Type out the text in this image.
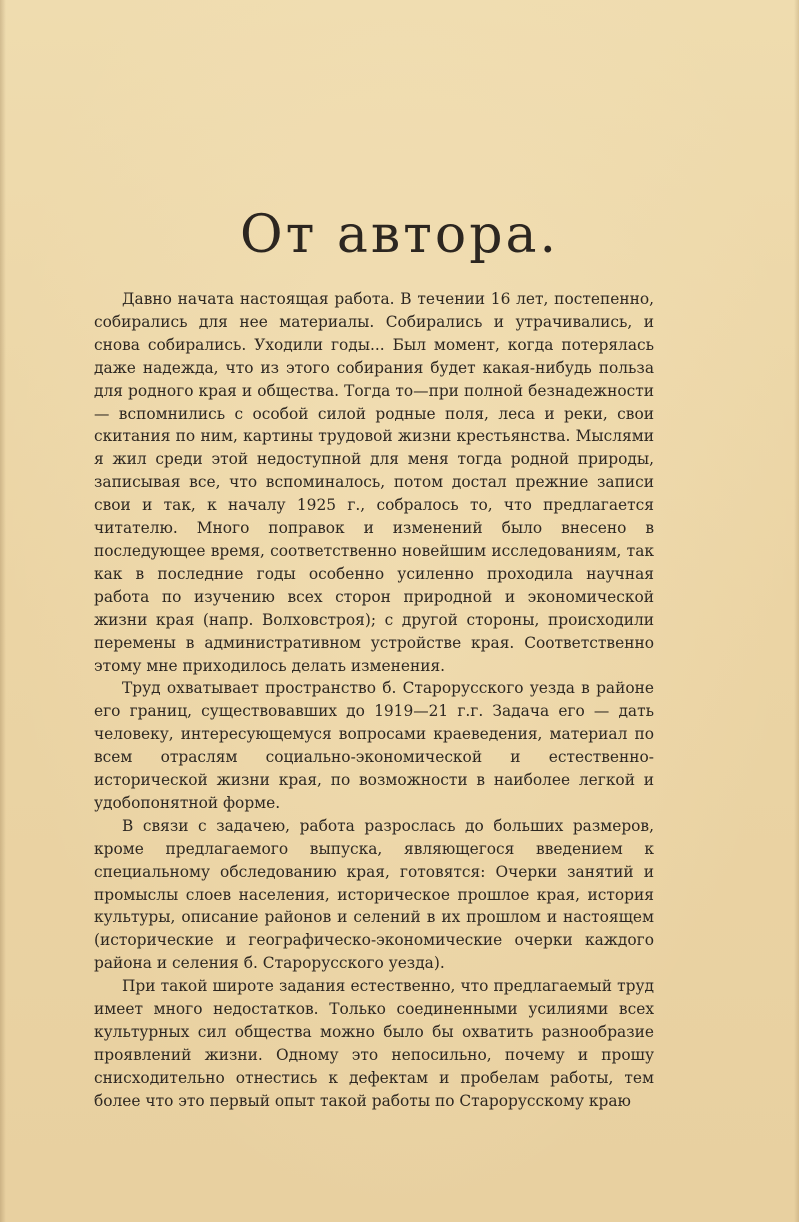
От автора.

Давно начата настоящая работа. В течении 16 лет, постепенно, собирались для нее материалы. Собирались и утрачивались, и снова собирались. Уходили годы... Был момент, когда потерялась даже надежда, что из этого собирания будет какая-нибудь польза для родного края и общества. Тогда то—при полной безнадежности— вспомнились с особой силой родные поля, леса и реки, свои скитания по ним, картины трудовой жизни крестьянства. Мыслями я жил среди этой недоступной для меня тогда родной природы, записывая все, что вспоминалось, потом достал прежние записи свои и так, к началу 1925 г., собралось то, что предлагается читателю. Много поправок и изменений было внесено в последующее время, соответственно новейшим исследованиям, так как в последние годы особенно усиленно проходила научная работа по изучению всех сторон природной и экономической жизни края (напр. Волховстроя); с другой стороны, происходили перемены в административном устройстве края. Соответственно этому мне приходилось делать изменения.

Труд охватывает пространство б. Старорусского уезда в районе его границ, существовавших до 1919—21 г.г. Задача его — дать человеку, интересующемуся вопросами краеведения, материал по всем отраслям социально-экономической и естественно-исторической жизни края, по возможности в наиболее легкой и удобопонятной форме.

В связи с задачею, работа разрослась до больших размеров, кроме предлагаемого выпуска, являющегося введением к специальному обследованию края, готовятся: Очерки занятий и промыслы слоев населения, историческое прошлое края, история культуры, описание районов и селений в их прошлом и настоящем (исторические и географическо-экономические очерки каждого района и селения б. Старорусского уезда).

При такой широте задания естественно, что предлагаемый труд имеет много недостатков. Только соединенными усилиями всех культурных сил общества можно было бы охватить разнообразие проявлений жизни. Одному это непосильно, почему и прошу снисходительно отнестись к дефектам и пробелам работы, тем более что это первый опыт такой работы по Старорусскому краю
